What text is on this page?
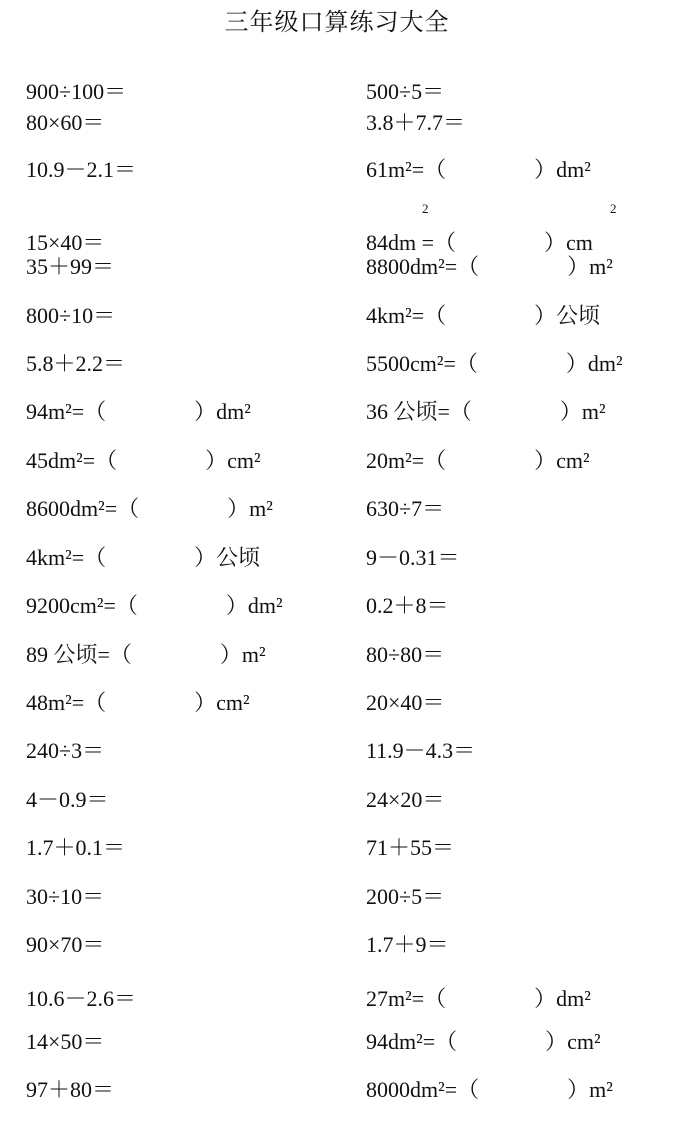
三年级口算练习大全
900÷100＝	500÷5＝
80×60＝	3.8＋7.7＝
10.9－2.1＝	61m²=（　　　　）dm²
2	2
15×40＝	84dm =（　　　　）cm
35＋99＝	8800dm²=（　　　　）m²
800÷10＝	4km²=（　　　　）公顷
5.8＋2.2＝	5500cm²=（　　　　）dm²
94m²=（　　　　）dm²	36 公顷=（　　　　）m²
45dm²=（　　　　）cm²	20m²=（　　　　）cm²
8600dm²=（　　　　）m²	630÷7＝
4km²=（　　　　）公顷	9－0.31＝
9200cm²=（　　　　）dm²	0.2＋8＝
89 公顷=（　　　　）m²	80÷80＝
48m²=（　　　　）cm²	20×40＝
240÷3＝	11.9－4.3＝
4－0.9＝	24×20＝
1.7＋0.1＝	71＋55＝
30÷10＝	200÷5＝
90×70＝	1.7＋9＝
10.6－2.6＝	27m²=（　　　　）dm²
14×50＝	94dm²=（　　　　）cm²
97＋80＝	8000dm²=（　　　　）m²
